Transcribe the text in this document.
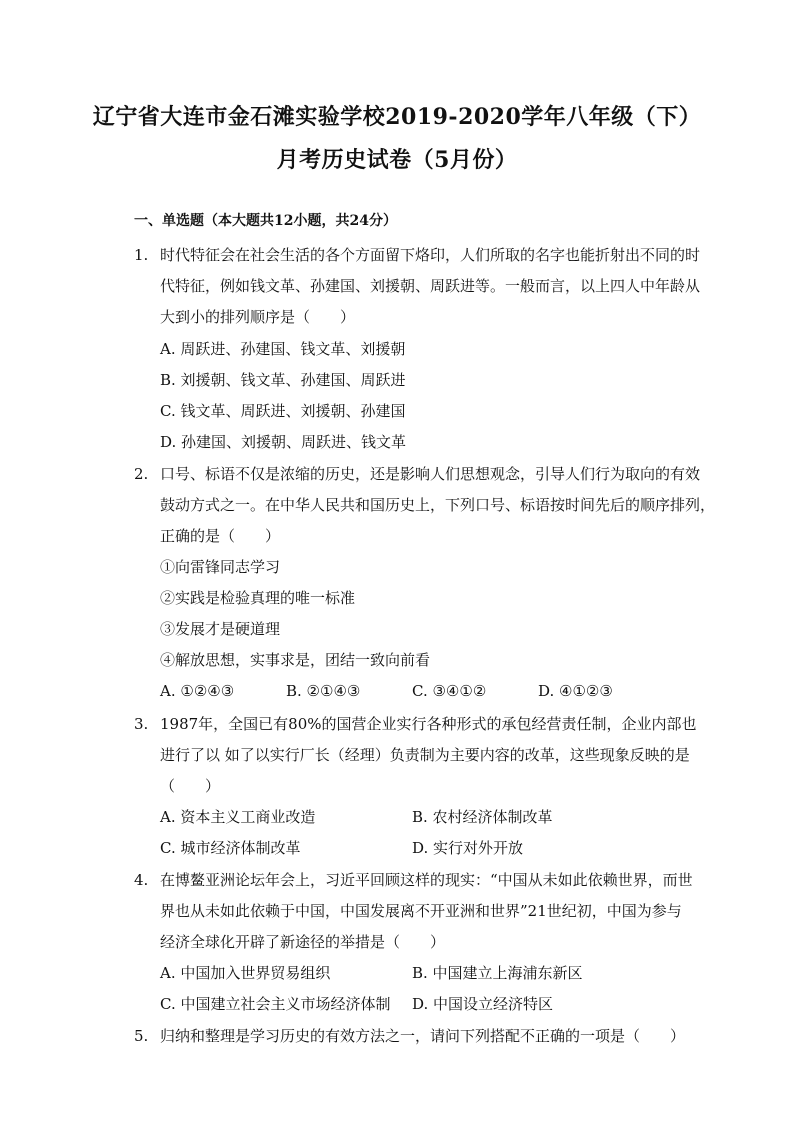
辽宁省大连市金石滩实验学校2019-2020学年八年级（下）
月考历史试卷（5月份）
一、单选题（本大题共12小题，共24分）
1. 时代特征会在社会生活的各个方面留下烙印，人们所取的名字也能折射出不同的时
代特征，例如钱文革、孙建国、刘援朝、周跃进等。一般而言，以上四人中年龄从
大到小的排列顺序是（　　）
A. 周跃进、孙建国、钱文革、刘援朝
B. 刘援朝、钱文革、孙建国、周跃进
C. 钱文革、周跃进、刘援朝、孙建国
D. 孙建国、刘援朝、周跃进、钱文革
2. 口号、标语不仅是浓缩的历史，还是影响人们思想观念，引导人们行为取向的有效
鼓动方式之一。在中华人民共和国历史上，下列口号、标语按时间先后的顺序排列，
正确的是（　　）
①向雷锋同志学习
②实践是检验真理的唯一标准
③发展才是硬道理
④解放思想，实事求是，团结一致向前看
A. ①②④③	B. ②①④③	C. ③④①②	D. ④①②③
3. 1987年，全国已有80%的国营企业实行各种形式的承包经营责任制，企业内部也
进行了以 如了以实行厂长（经理）负责制为主要内容的改革，这些现象反映的是
（　　）
A. 资本主义工商业改造	B. 农村经济体制改革
C. 城市经济体制改革	D. 实行对外开放
4. 在博鳌亚洲论坛年会上，习近平回顾这样的现实：“中国从未如此依赖世界，而世
界也从未如此依赖于中国，中国发展离不开亚洲和世界”21世纪初，中国为参与
经济全球化开辟了新途径的举措是（　　）
A. 中国加入世界贸易组织	B. 中国建立上海浦东新区
C. 中国建立社会主义市场经济体制 D. 中国设立经济特区
5. 归纳和整理是学习历史的有效方法之一，请问下列搭配不正确的一项是（　　）
